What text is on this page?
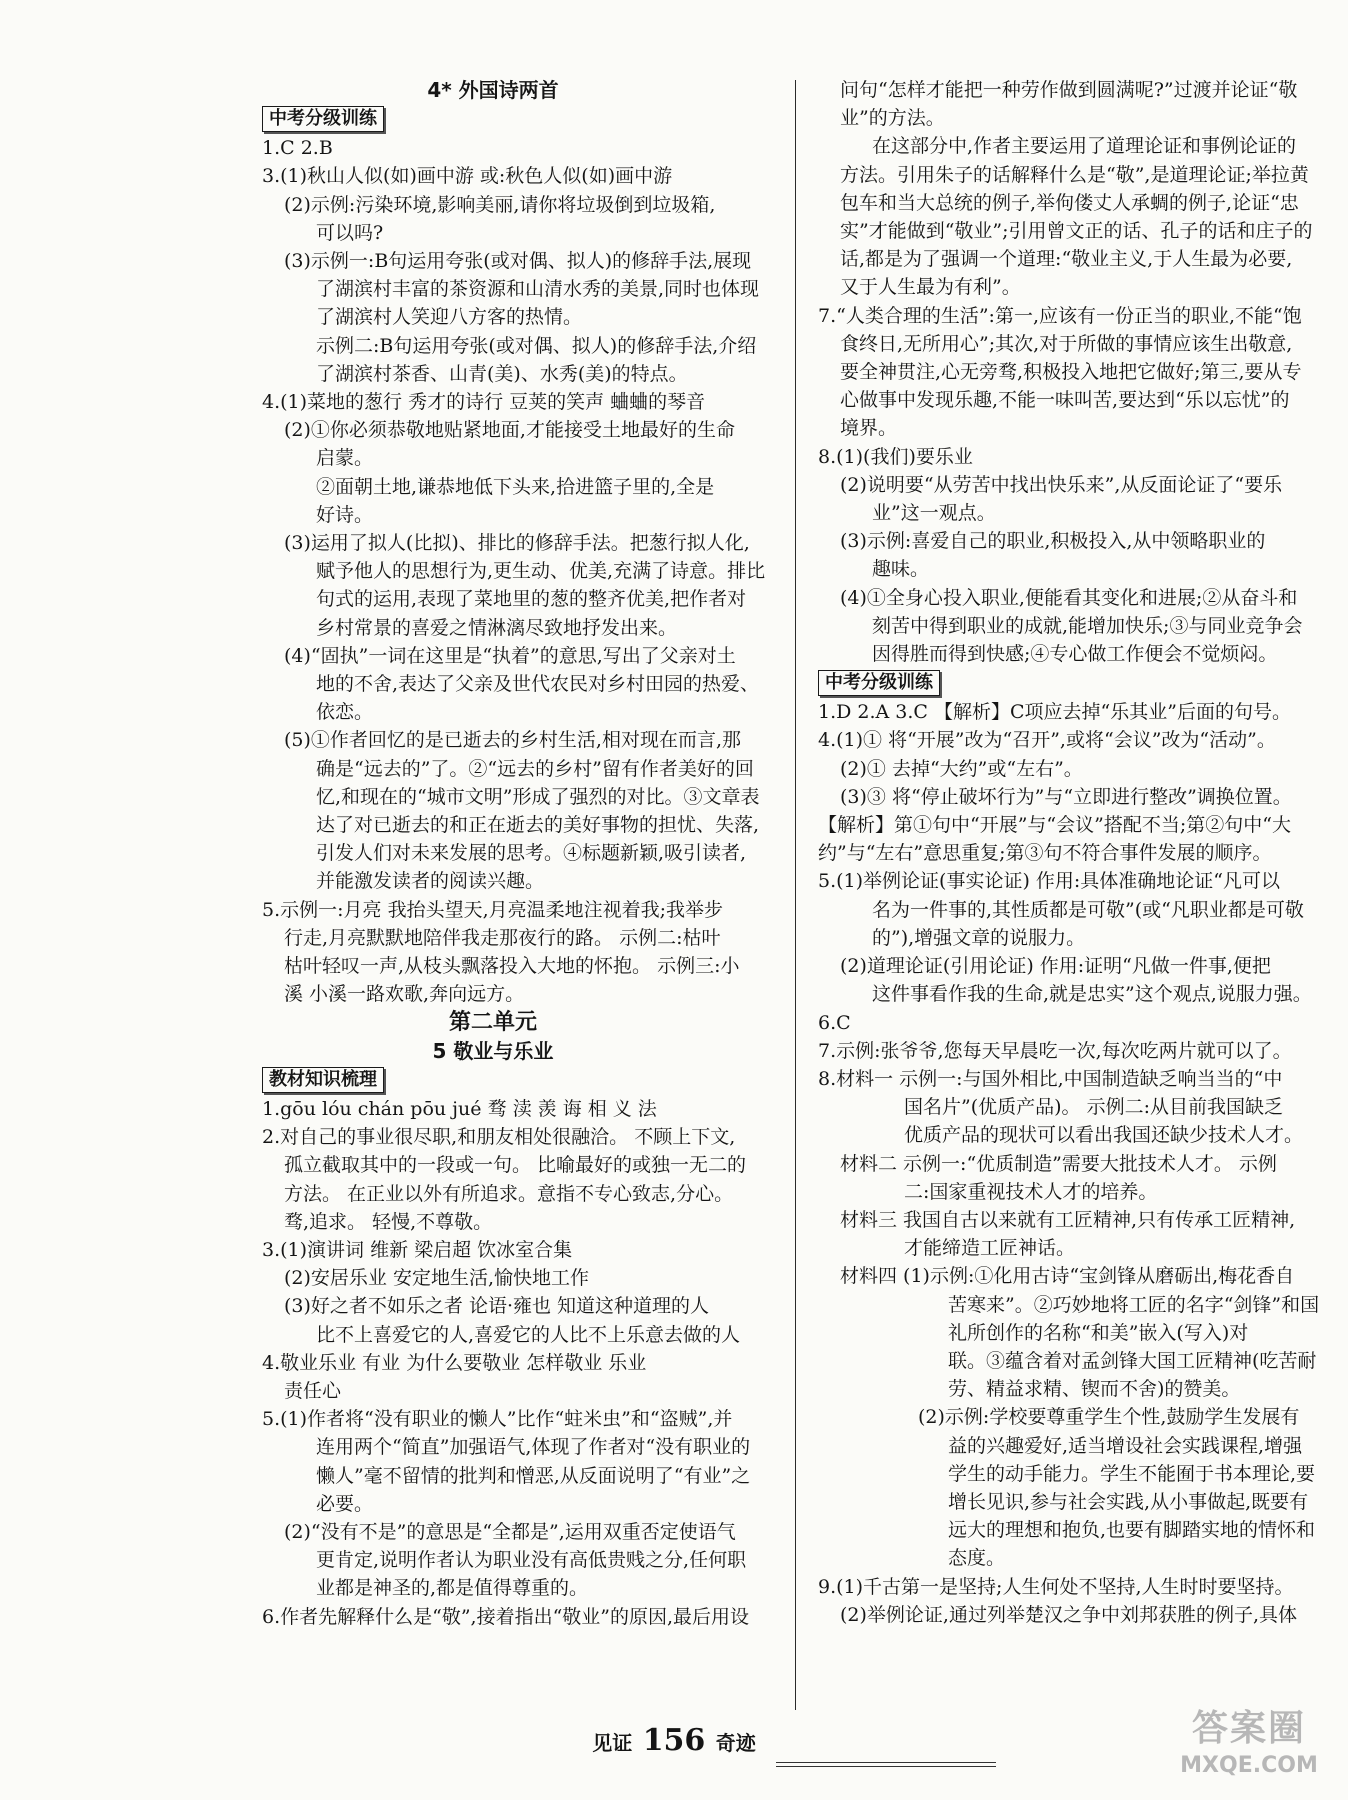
4* 外国诗两首
中考分级训练
1.C 2.B
3.(1)秋山人似(如)画中游 或:秋色人似(如)画中游
(2)示例:污染环境,影响美丽,请你将垃圾倒到垃圾箱,
可以吗?
(3)示例一:B句运用夸张(或对偶、拟人)的修辞手法,展现
了湖滨村丰富的茶资源和山清水秀的美景,同时也体现
了湖滨村人笑迎八方客的热情。
示例二:B句运用夸张(或对偶、拟人)的修辞手法,介绍
了湖滨村茶香、山青(美)、水秀(美)的特点。
4.(1)菜地的葱行 秀才的诗行 豆荚的笑声 蛐蛐的琴音
(2)①你必须恭敬地贴紧地面,才能接受土地最好的生命
启蒙。
②面朝土地,谦恭地低下头来,拾进篮子里的,全是
好诗。
(3)运用了拟人(比拟)、排比的修辞手法。把葱行拟人化,
赋予他人的思想行为,更生动、优美,充满了诗意。排比
句式的运用,表现了菜地里的葱的整齐优美,把作者对
乡村常景的喜爱之情淋漓尽致地抒发出来。
(4)“固执”一词在这里是“执着”的意思,写出了父亲对土
地的不舍,表达了父亲及世代农民对乡村田园的热爱、
依恋。
(5)①作者回忆的是已逝去的乡村生活,相对现在而言,那
确是“远去的”了。②“远去的乡村”留有作者美好的回
忆,和现在的“城市文明”形成了强烈的对比。③文章表
达了对已逝去的和正在逝去的美好事物的担忧、失落,
引发人们对未来发展的思考。④标题新颖,吸引读者,
并能激发读者的阅读兴趣。
5.示例一:月亮 我抬头望天,月亮温柔地注视着我;我举步
行走,月亮默默地陪伴我走那夜行的路。 示例二:枯叶
枯叶轻叹一声,从枝头飘落投入大地的怀抱。 示例三:小
溪 小溪一路欢歌,奔向远方。
第二单元
5 敬业与乐业
教材知识梳理
1.gōu lóu chán pōu jué 骛 渎 羡 诲 相 义 法
2.对自己的事业很尽职,和朋友相处很融洽。 不顾上下文,
孤立截取其中的一段或一句。 比喻最好的或独一无二的
方法。 在正业以外有所追求。意指不专心致志,分心。
骛,追求。 轻慢,不尊敬。
3.(1)演讲词 维新 梁启超 饮冰室合集
(2)安居乐业 安定地生活,愉快地工作
(3)好之者不如乐之者 论语·雍也 知道这种道理的人
比不上喜爱它的人,喜爱它的人比不上乐意去做的人
4.敬业乐业 有业 为什么要敬业 怎样敬业 乐业
责任心
5.(1)作者将“没有职业的懒人”比作“蛀米虫”和“盗贼”,并
连用两个“简直”加强语气,体现了作者对“没有职业的
懒人”毫不留情的批判和憎恶,从反面说明了“有业”之
必要。
(2)“没有不是”的意思是“全都是”,运用双重否定使语气
更肯定,说明作者认为职业没有高低贵贱之分,任何职
业都是神圣的,都是值得尊重的。
6.作者先解释什么是“敬”,接着指出“敬业”的原因,最后用设
问句“怎样才能把一种劳作做到圆满呢?”过渡并论证“敬
业”的方法。
在这部分中,作者主要运用了道理论证和事例论证的
方法。引用朱子的话解释什么是“敬”,是道理论证;举拉黄
包车和当大总统的例子,举佝偻丈人承蜩的例子,论证“忠
实”才能做到“敬业”;引用曾文正的话、孔子的话和庄子的
话,都是为了强调一个道理:“敬业主义,于人生最为必要,
又于人生最为有利”。
7.“人类合理的生活”:第一,应该有一份正当的职业,不能“饱
食终日,无所用心”;其次,对于所做的事情应该生出敬意,
要全神贯注,心无旁骛,积极投入地把它做好;第三,要从专
心做事中发现乐趣,不能一味叫苦,要达到“乐以忘忧”的
境界。
8.(1)(我们)要乐业
(2)说明要“从劳苦中找出快乐来”,从反面论证了“要乐
业”这一观点。
(3)示例:喜爱自己的职业,积极投入,从中领略职业的
趣味。
(4)①全身心投入职业,便能看其变化和进展;②从奋斗和
刻苦中得到职业的成就,能增加快乐;③与同业竞争会
因得胜而得到快感;④专心做工作便会不觉烦闷。
中考分级训练
1.D 2.A 3.C 【解析】C项应去掉“乐其业”后面的句号。
4.(1)① 将“开展”改为“召开”,或将“会议”改为“活动”。
(2)① 去掉“大约”或“左右”。
(3)③ 将“停止破坏行为”与“立即进行整改”调换位置。
【解析】第①句中“开展”与“会议”搭配不当;第②句中“大
约”与“左右”意思重复;第③句不符合事件发展的顺序。
5.(1)举例论证(事实论证) 作用:具体准确地论证“凡可以
名为一件事的,其性质都是可敬”(或“凡职业都是可敬
的”),增强文章的说服力。
(2)道理论证(引用论证) 作用:证明“凡做一件事,便把
这件事看作我的生命,就是忠实”这个观点,说服力强。
6.C
7.示例:张爷爷,您每天早晨吃一次,每次吃两片就可以了。
8.材料一 示例一:与国外相比,中国制造缺乏响当当的“中
国名片”(优质产品)。 示例二:从目前我国缺乏
优质产品的现状可以看出我国还缺少技术人才。
材料二 示例一:“优质制造”需要大批技术人才。 示例
二:国家重视技术人才的培养。
材料三 我国自古以来就有工匠精神,只有传承工匠精神,
才能缔造工匠神话。
材料四 (1)示例:①化用古诗“宝剑锋从磨砺出,梅花香自
苦寒来”。②巧妙地将工匠的名字“剑锋”和国
礼所创作的名称“和美”嵌入(写入)对
联。③蕴含着对孟剑锋大国工匠精神(吃苦耐
劳、精益求精、锲而不舍)的赞美。
(2)示例:学校要尊重学生个性,鼓励学生发展有
益的兴趣爱好,适当增设社会实践课程,增强
学生的动手能力。学生不能囿于书本理论,要
增长见识,参与社会实践,从小事做起,既要有
远大的理想和抱负,也要有脚踏实地的情怀和
态度。
9.(1)千古第一是坚持;人生何处不坚持,人生时时要坚持。
(2)举例论证,通过列举楚汉之争中刘邦获胜的例子,具体
见证 156 奇迹	答案圈
MXQE.COM
